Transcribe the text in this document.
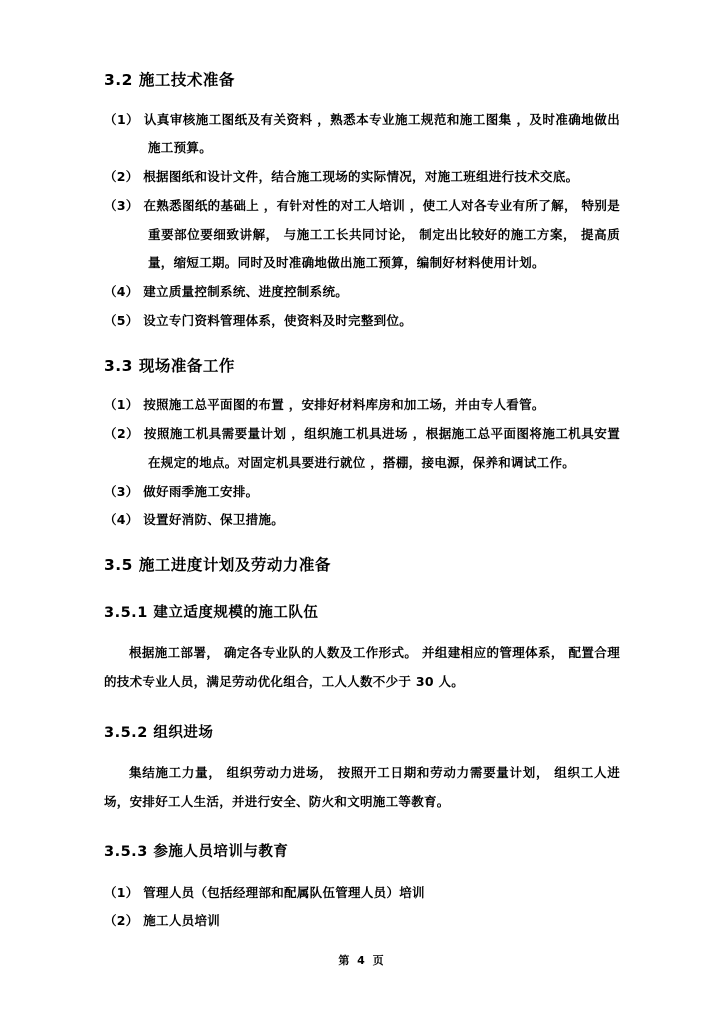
3.2 施工技术准备

（1） 认真审核施工图纸及有关资料 ，熟悉本专业施工规范和施工图集 ，及时准确地做出施工预算。

（2） 根据图纸和设计文件，结合施工现场的实际情况，对施工班组进行技术交底。

（3） 在熟悉图纸的基础上 ，有针对性的对工人培训 ，使工人对各专业有所了解， 特别是重要部位要细致讲解， 与施工工长共同讨论， 制定出比较好的施工方案， 提高质量，缩短工期。同时及时准确地做出施工预算，编制好材料使用计划。

（4） 建立质量控制系统、进度控制系统。

（5） 设立专门资料管理体系，使资料及时完整到位。

3.3 现场准备工作

（1） 按照施工总平面图的布置 ，安排好材料库房和加工场，并由专人看管。

（2） 按照施工机具需要量计划 ，组织施工机具进场 ，根据施工总平面图将施工机具安置在规定的地点。对固定机具要进行就位 ，搭棚，接电源，保养和调试工作。

（3） 做好雨季施工安排。

（4） 设置好消防、保卫措施。

3.5 施工进度计划及劳动力准备
3.5.1 建立适度规模的施工队伍

根据施工部署， 确定各专业队的人数及工作形式。 并组建相应的管理体系， 配置合理的技术专业人员，满足劳动优化组合，工人人数不少于 30 人。

3.5.2 组织进场

集结施工力量， 组织劳动力进场， 按照开工日期和劳动力需要量计划， 组织工人进场，安排好工人生活，并进行安全、防火和文明施工等教育。

3.5.3 参施人员培训与教育

（1） 管理人员（包括经理部和配属队伍管理人员）培训

（2） 施工人员培训

第 4 页
